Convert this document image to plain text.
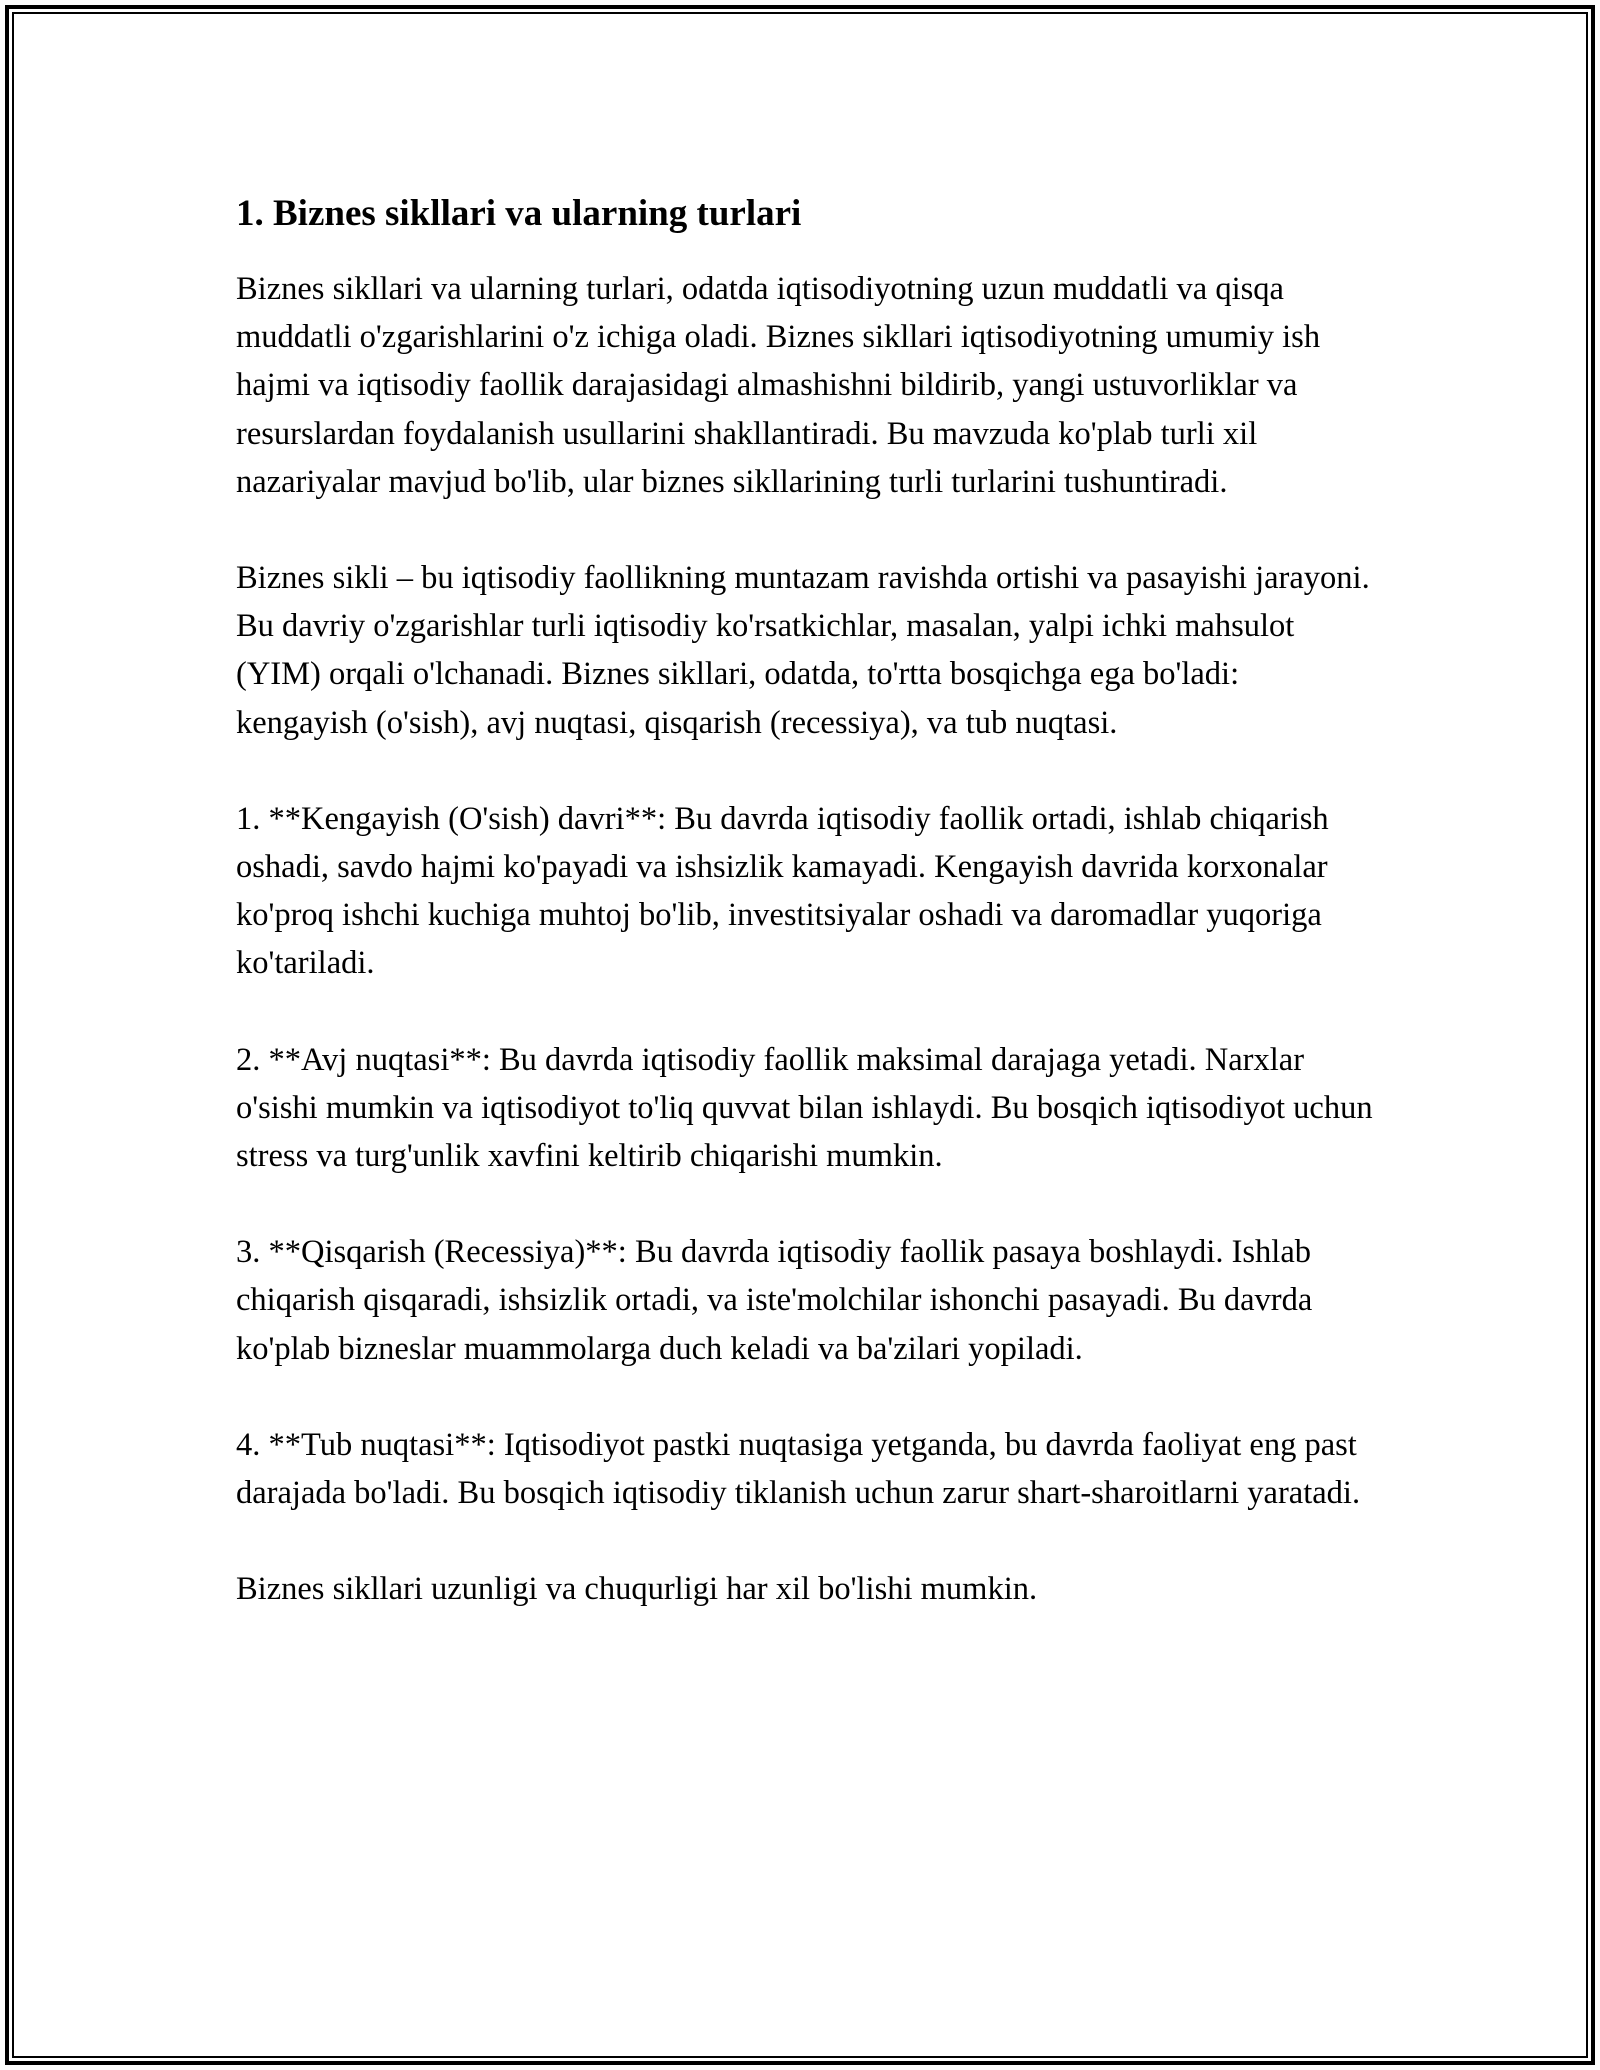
1. Biznes sikllari va ularning turlari

Biznes sikllari va ularning turlari, odatda iqtisodiyotning uzun muddatli va qisqa muddatli o'zgarishlarini o'z ichiga oladi. Biznes sikllari iqtisodiyotning umumiy ish hajmi va iqtisodiy faollik darajasidagi almashishni bildirib, yangi ustuvorliklar va resurslardan foydalanish usullarini shakllantiradi. Bu mavzuda ko'plab turli xil nazariyalar mavjud bo'lib, ular biznes sikllarining turli turlarini tushuntiradi.

Biznes sikli – bu iqtisodiy faollikning muntazam ravishda ortishi va pasayishi jarayoni. Bu davriy o'zgarishlar turli iqtisodiy ko'rsatkichlar, masalan, yalpi ichki mahsulot (YIM) orqali o'lchanadi. Biznes sikllari, odatda, to'rtta bosqichga ega bo'ladi: kengayish (o'sish), avj nuqtasi, qisqarish (recessiya), va tub nuqtasi.

1. **Kengayish (O'sish) davri**: Bu davrda iqtisodiy faollik ortadi, ishlab chiqarish oshadi, savdo hajmi ko'payadi va ishsizlik kamayadi. Kengayish davrida korxonalar ko'proq ishchi kuchiga muhtoj bo'lib, investitsiyalar oshadi va daromadlar yuqoriga ko'tariladi.

2. **Avj nuqtasi**: Bu davrda iqtisodiy faollik maksimal darajaga yetadi. Narxlar o'sishi mumkin va iqtisodiyot to'liq quvvat bilan ishlaydi. Bu bosqich iqtisodiyot uchun stress va turg'unlik xavfini keltirib chiqarishi mumkin.

3. **Qisqarish (Recessiya)**: Bu davrda iqtisodiy faollik pasaya boshlaydi. Ishlab chiqarish qisqaradi, ishsizlik ortadi, va iste'molchilar ishonchi pasayadi. Bu davrda ko'plab bizneslar muammolarga duch keladi va ba'zilari yopiladi.

4. **Tub nuqtasi**: Iqtisodiyot pastki nuqtasiga yetganda, bu davrda faoliyat eng past darajada bo'ladi. Bu bosqich iqtisodiy tiklanish uchun zarur shart-sharoitlarni yaratadi.

Biznes sikllari uzunligi va chuqurligi har xil bo'lishi mumkin.
